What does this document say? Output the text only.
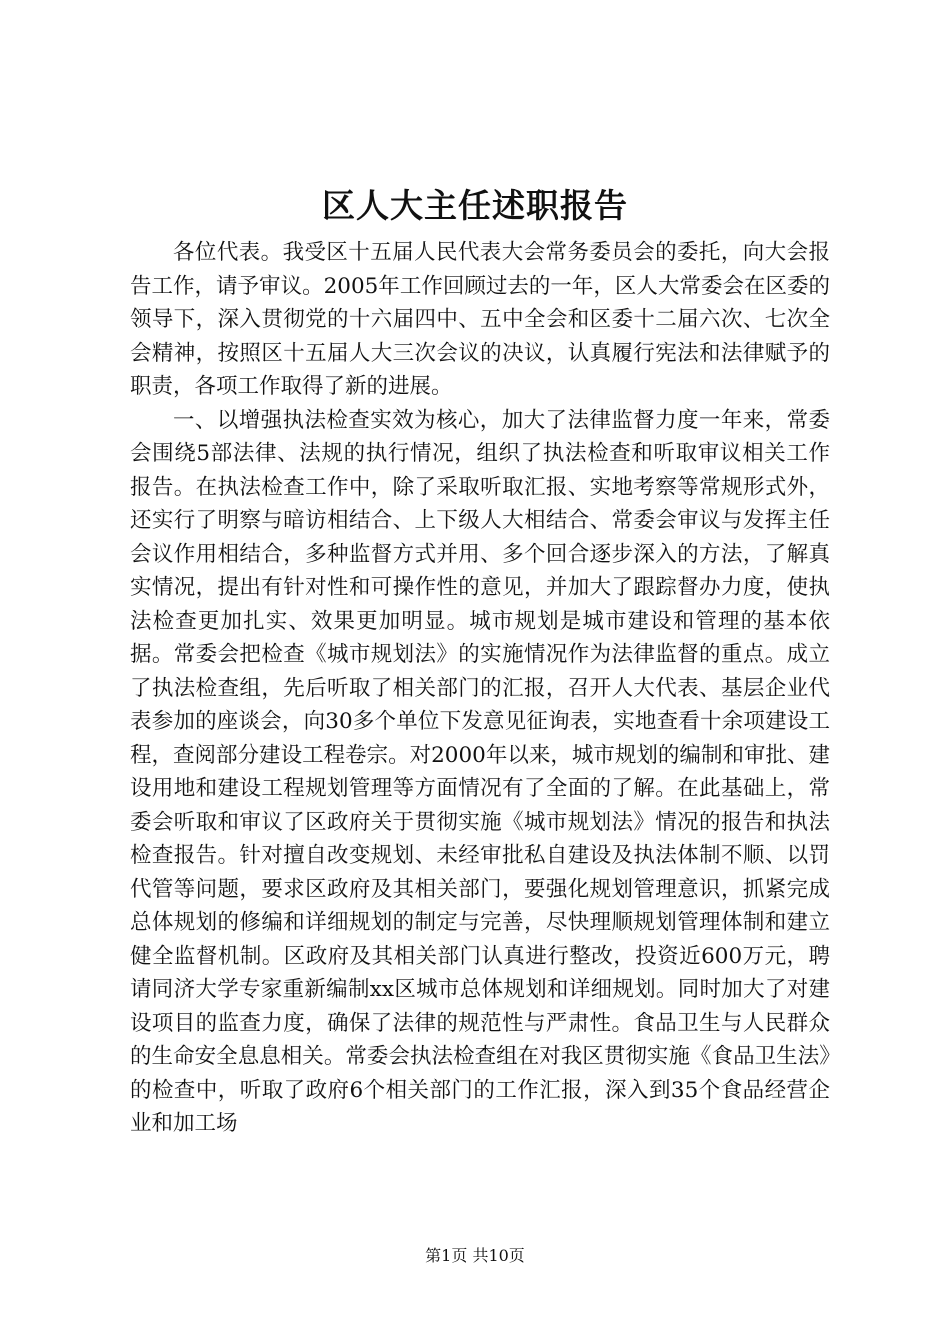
区人大主任述职报告

各位代表。我受区十五届人民代表大会常务委员会的委托，向大会报告工作，请予审议。2005年工作回顾过去的一年，区人大常委会在区委的领导下，深入贯彻党的十六届四中、五中全会和区委十二届六次、七次全会精神，按照区十五届人大三次会议的决议，认真履行宪法和法律赋予的职责，各项工作取得了新的进展。

一、以增强执法检查实效为核心，加大了法律监督力度一年来，常委会围绕5部法律、法规的执行情况，组织了执法检查和听取审议相关工作报告。在执法检查工作中，除了采取听取汇报、实地考察等常规形式外，还实行了明察与暗访相结合、上下级人大相结合、常委会审议与发挥主任会议作用相结合，多种监督方式并用、多个回合逐步深入的方法，了解真实情况，提出有针对性和可操作性的意见，并加大了跟踪督办力度，使执法检查更加扎实、效果更加明显。城市规划是城市建设和管理的基本依据。常委会把检查《城市规划法》的实施情况作为法律监督的重点。成立了执法检查组，先后听取了相关部门的汇报，召开人大代表、基层企业代表参加的座谈会，向30多个单位下发意见征询表，实地查看十余项建设工程，查阅部分建设工程卷宗。对2000年以来，城市规划的编制和审批、建设用地和建设工程规划管理等方面情况有了全面的了解。在此基础上，常委会听取和审议了区政府关于贯彻实施《城市规划法》情况的报告和执法检查报告。针对擅自改变规划、未经审批私自建设及执法体制不顺、以罚代管等问题，要求区政府及其相关部门，要强化规划管理意识，抓紧完成总体规划的修编和详细规划的制定与完善，尽快理顺规划管理体制和建立健全监督机制。区政府及其相关部门认真进行整改，投资近600万元，聘请同济大学专家重新编制xx区城市总体规划和详细规划。同时加大了对建设项目的监查力度，确保了法律的规范性与严肃性。食品卫生与人民群众的生命安全息息相关。常委会执法检查组在对我区贯彻实施《食品卫生法》的检查中，听取了政府6个相关部门的工作汇报，深入到35个食品经营企业和加工场

第1页 共10页
